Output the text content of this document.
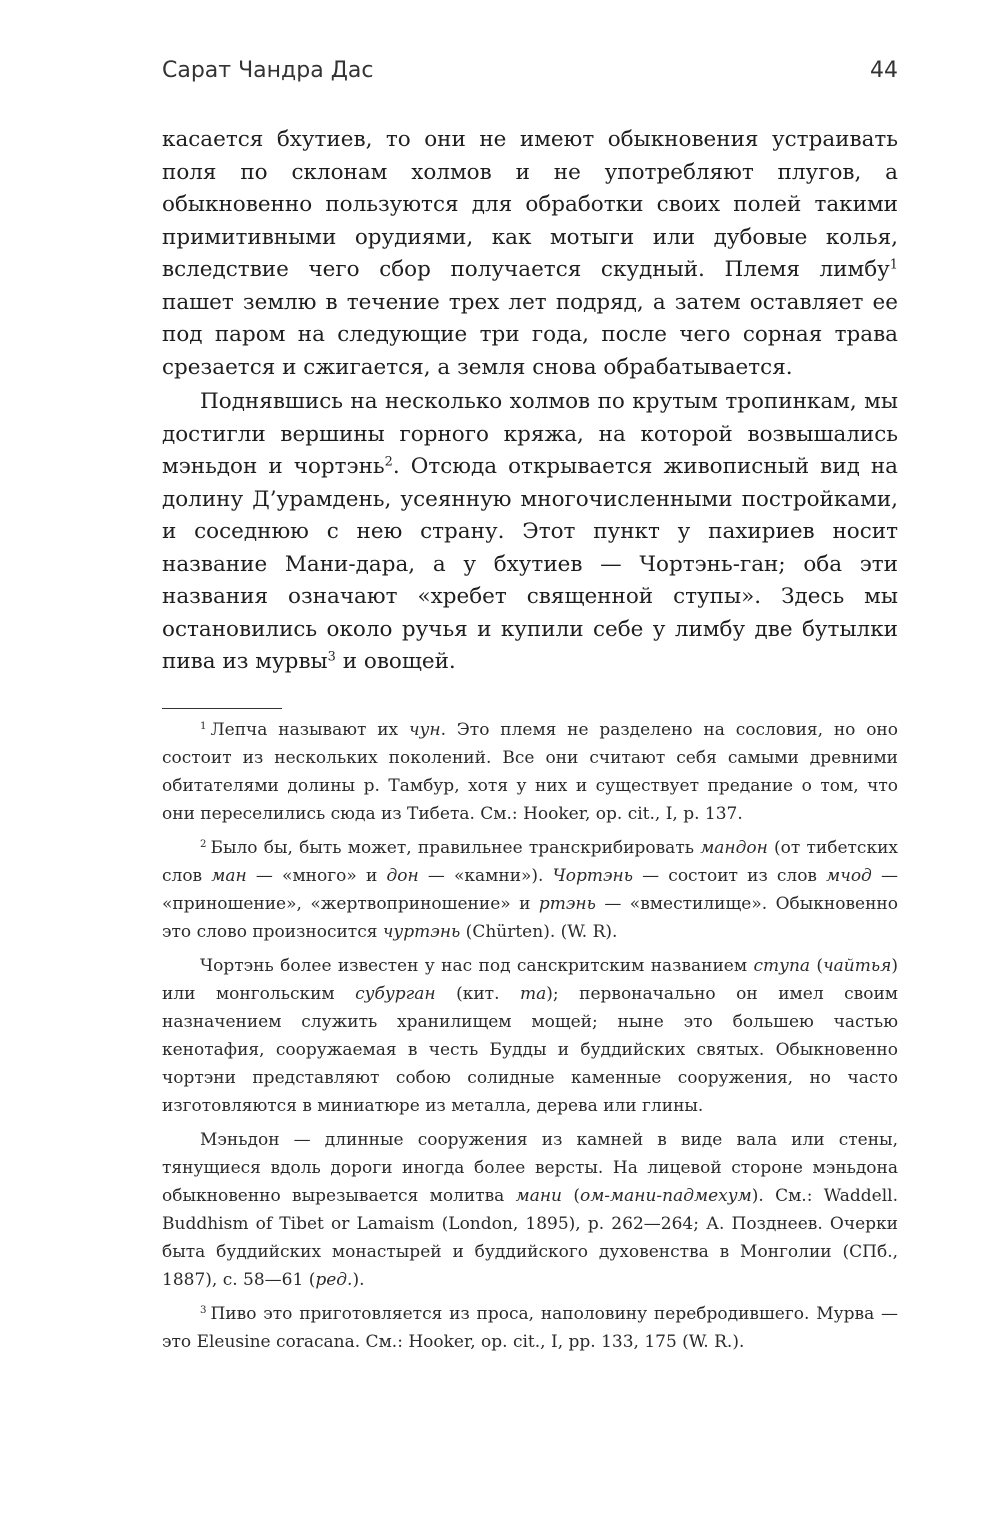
Сарат Чандра Дас	44

касается бхутиев, то они не имеют обыкновения устраивать поля по склонам холмов и не употребляют плугов, а обыкновенно пользуются для обработки своих полей такими примитивными орудиями, как мотыги или дубовые колья, вследствие чего сбор получается скудный. Племя лимбу$^1$ пашет землю в течение трех лет подряд, а затем оставляет ее под паром на следующие три года, после чего сорная трава срезается и сжигается, а земля снова обрабатывается.

Поднявшись на несколько холмов по крутым тропинкам, мы достигли вершины горного кряжа, на которой возвышались мэньдон и чортэнь$^2$. Отсюда открывается живописный вид на долину Д’урамдень, усеянную многочисленными постройками, и соседнюю с нею страну. Этот пункт у пахириев носит название Мани-дара, а у бхутиев — Чортэнь-ган; оба эти названия означают «хребет священной ступы». Здесь мы остановились около ручья и купили себе у лимбу две бутылки пива из мурвы$^3$ и овощей.

$^1$ Лепча называют их чун. Это племя не разделено на сословия, но оно состоит из нескольких поколений. Все они считают себя самыми древними обитателями долины р. Тамбур, хотя у них и существует предание о том, что они переселились сюда из Тибета. См.: Hooker, op. cit., I, p. 137.

$^2$ Было бы, быть может, правильнее транскрибировать мандон (от тибетских слов ман — «много» и дон — «камни»). Чортэнь — состоит из слов мчод — «приношение», «жертвоприношение» и ртэнь — «вместилище». Обыкновенно это слово произносится чуртэнь (Chürten). (W. R).

Чортэнь более известен у нас под санскритским названием ступа (чайтья) или монгольским субурган (кит. та); первоначально он имел своим назначением служить хранилищем мощей; ныне это большею частью кенотафия, сооружаемая в честь Будды и буддийских святых. Обыкновенно чортэни представляют собою солидные каменные сооружения, но часто изготовляются в миниатюре из металла, дерева или глины.

Мэньдон — длинные сооружения из камней в виде вала или стены, тянущиеся вдоль дороги иногда более версты. На лицевой стороне мэньдона обыкновенно вырезывается молитва мани (ом-мани-падмехум). См.: Waddell. Buddhism of Tibet or Lamaism (London, 1895), p. 262—264; А. Позднеев. Очерки быта буддийских монастырей и буддийского духовенства в Монголии (СПб., 1887), с. 58—61 (ред.).

$^3$ Пиво это приготовляется из проса, наполовину перебродившего. Мурва — это Eleusine coracana. См.: Hooker, op. cit., I, pp. 133, 175 (W. R.).
